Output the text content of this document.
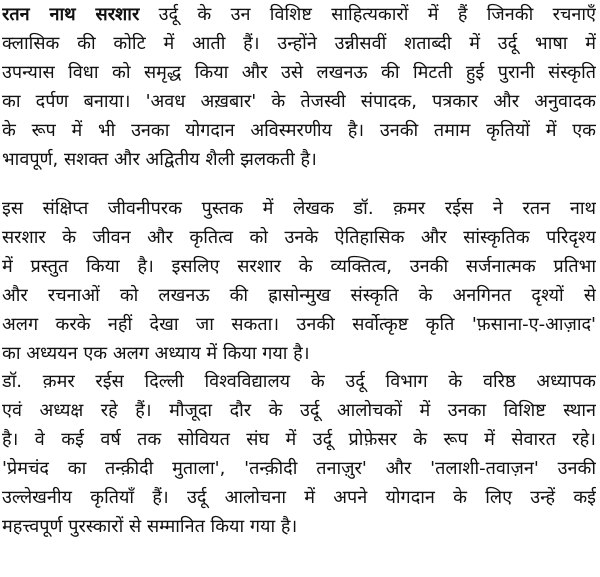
रतन नाथ सरशार उर्दू के उन विशिष्ट साहित्यकारों में हैं जिनकी रचनाएँ
क्लासिक की कोटि में आती हैं। उन्होंने उन्नीसवीं शताब्दी में उर्दू भाषा में
उपन्यास विधा को समृद्ध किया और उसे लखनऊ की मिटती हुई पुरानी संस्कृति
का दर्पण बनाया। 'अवध अख़बार' के तेजस्वी संपादक, पत्रकार और अनुवादक
के रूप में भी उनका योगदान अविस्मरणीय है। उनकी तमाम कृतियों में एक
भावपूर्ण, सशक्त और अद्वितीय शैली झलकती है।
इस संक्षिप्त जीवनीपरक पुस्तक में लेखक डॉ. क़मर रईस ने रतन नाथ
सरशार के जीवन और कृतित्व को उनके ऐतिहासिक और सांस्कृतिक परिदृश्य
में प्रस्तुत किया है। इसलिए सरशार के व्यक्तित्व, उनकी सर्जनात्मक प्रतिभा
और रचनाओं को लखनऊ की ह्रासोन्मुख संस्कृति के अनगिनत दृश्यों से
अलग करके नहीं देखा जा सकता। उनकी सर्वोत्कृष्ट कृति 'फ़साना-ए-आज़ाद'
का अध्ययन एक अलग अध्याय में किया गया है।
डॉ. क़मर रईस दिल्ली विश्वविद्यालय के उर्दू विभाग के वरिष्ठ अध्यापक
एवं अध्यक्ष रहे हैं। मौजूदा दौर के उर्दू आलोचकों में उनका विशिष्ट स्थान
है। वे कई वर्ष तक सोवियत संघ में उर्दू प्रोफ़ेसर के रूप में सेवारत रहे।
'प्रेमचंद का तन्क़ीदी मुताला', 'तन्क़ीदी तनाज़ुर' और 'तलाशी-तवाज़न' उनकी
उल्लेखनीय कृतियाँ हैं। उर्दू आलोचना में अपने योगदान के लिए उन्हें कई
महत्त्वपूर्ण पुरस्कारों से सम्मानित किया गया है।
